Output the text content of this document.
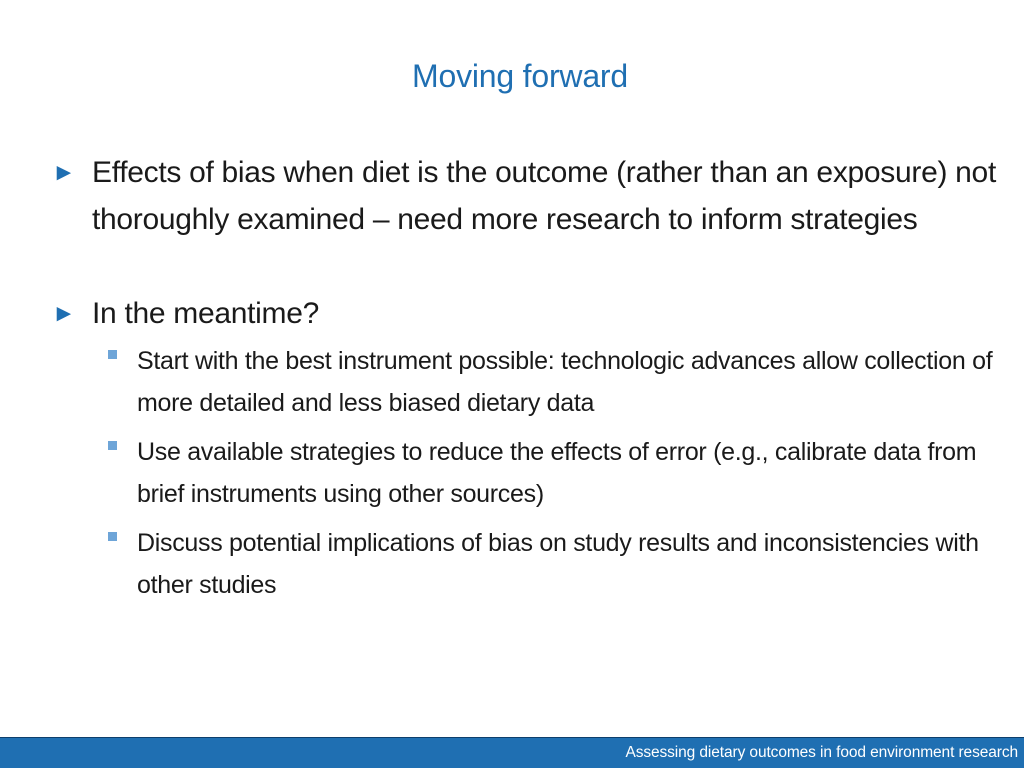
Moving forward
► Effects of bias when diet is the outcome (rather than an exposure) not thoroughly examined – need more research to inform strategies
► In the meantime?
Start with the best instrument possible: technologic advances allow collection of more detailed and less biased dietary data
Use available strategies to reduce the effects of error (e.g., calibrate data from brief instruments using other sources)
Discuss potential implications of bias on study results and inconsistencies with other studies
Assessing dietary outcomes in food environment research
